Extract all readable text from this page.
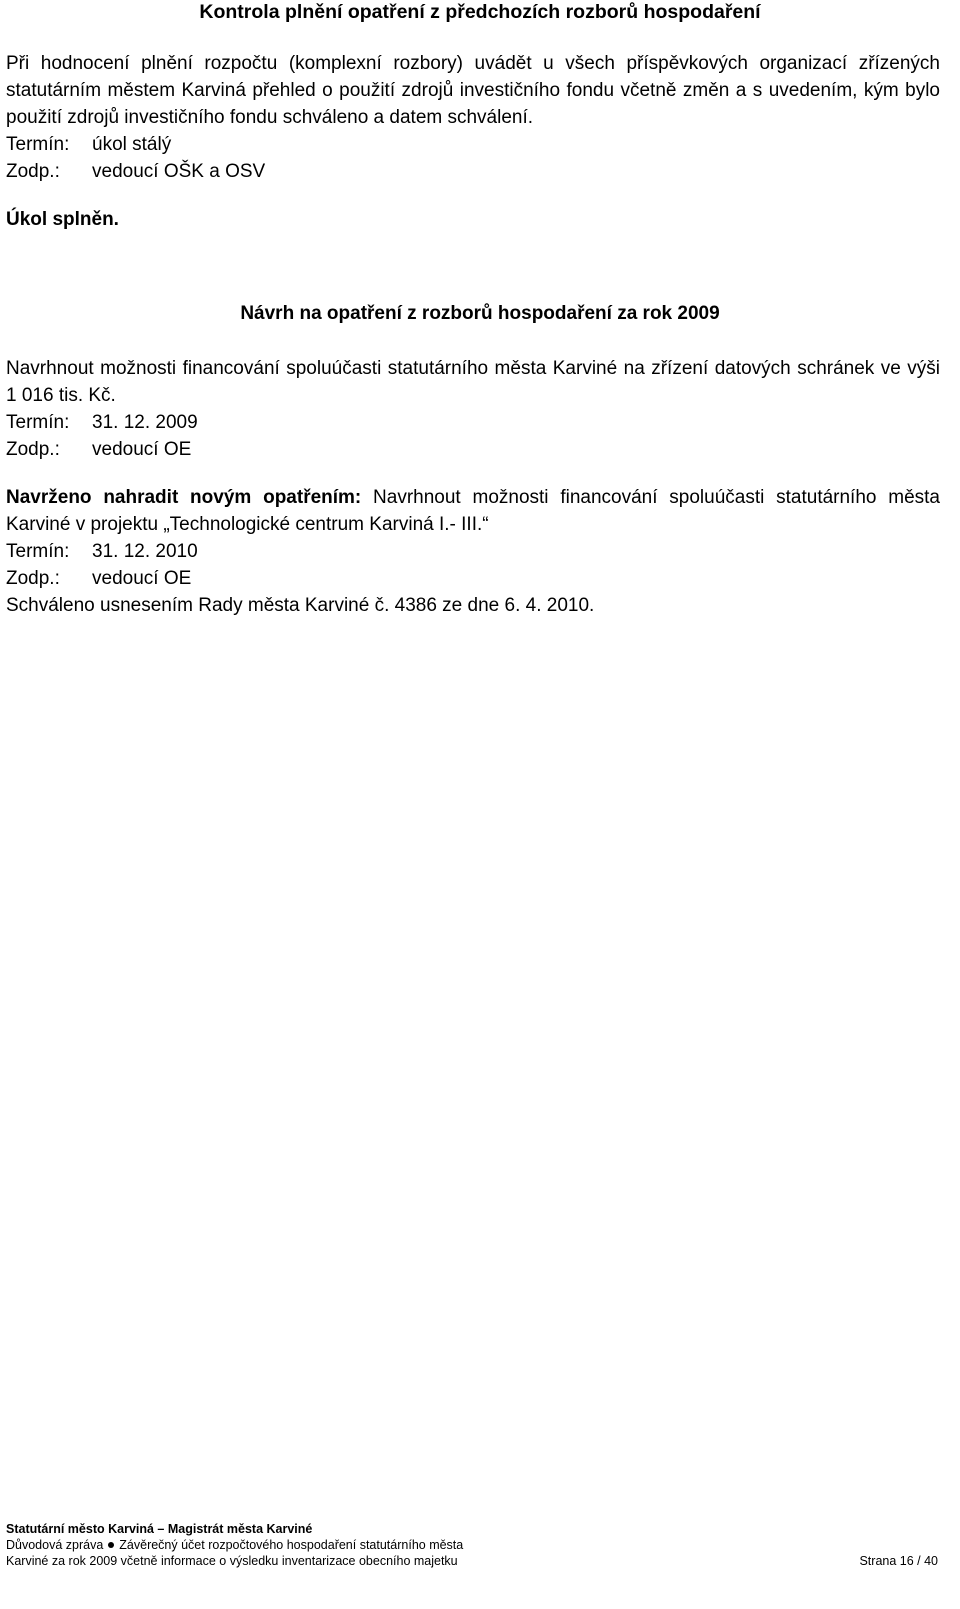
Kontrola plnění opatření z předchozích rozborů hospodaření
Při hodnocení plnění rozpočtu (komplexní rozbory) uvádět u všech příspěvkových organizací zřízených statutárním městem Karviná přehled o použití zdrojů investičního fondu včetně změn a s uvedením, kým bylo použití zdrojů investičního fondu schváleno a datem schválení.
Termín: úkol stálý
Zodp.: vedoucí OŠK a OSV
Úkol splněn.
Návrh na opatření z rozborů hospodaření za rok 2009
Navrhnout možnosti financování spoluúčasti statutárního města Karviné na zřízení datových schránek ve výši 1 016 tis. Kč.
Termín: 31. 12. 2009
Zodp.: vedoucí OE
Navrženo nahradit novým opatřením: Navrhnout možnosti financování spoluúčasti statutárního města Karviné v projektu „Technologické centrum Karviná I.- III.“
Termín: 31. 12. 2010
Zodp.: vedoucí OE
Schváleno usnesením Rady města Karviné č. 4386 ze dne 6. 4. 2010.
Statutární město Karviná – Magistrát města Karviné
Důvodová zpráva Závěrečný účet rozpočtového hospodaření statutárního města
Karviné za rok 2009 včetně informace o výsledku inventarizace obecního majetku	Strana 16 / 40
